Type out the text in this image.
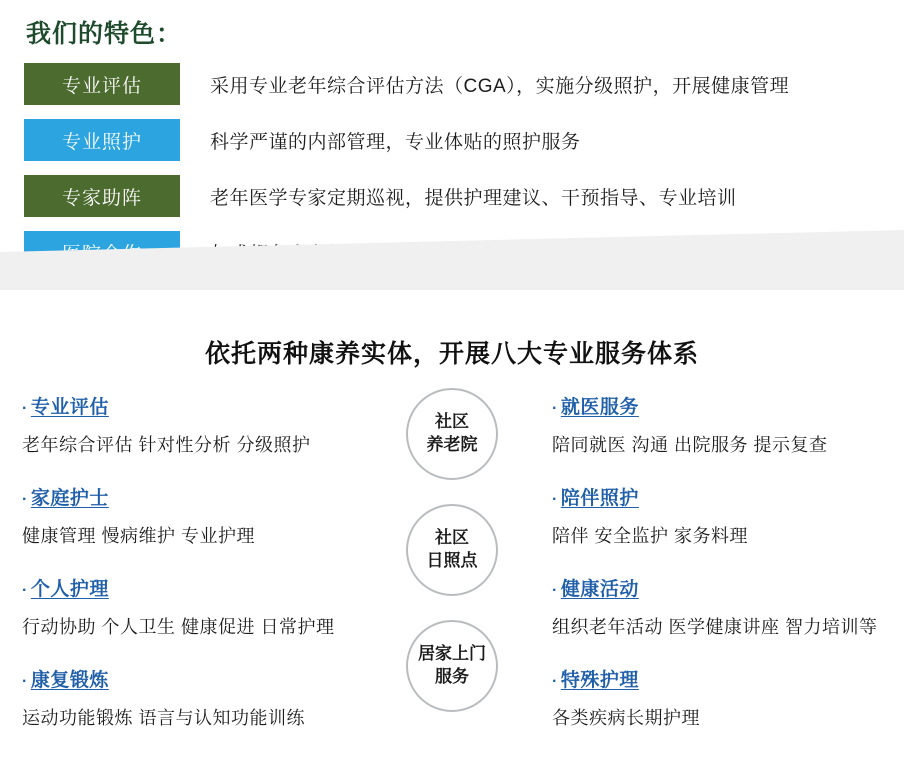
我们的特色：
专业评估	采用专业老年综合评估方法（CGA），实施分级照护，开展健康管理
专业照护	科学严谨的内部管理，专业体贴的照护服务
专家助阵	老年医学专家定期巡视，提供护理建议、干预指导、专业培训
依托两种康养实体，开展八大专业服务体系
· 专业评估
老年综合评估 针对性分析 分级照护
· 家庭护士
健康管理 慢病维护 专业护理
· 个人护理
行动协助 个人卫生 健康促进 日常护理
· 康复锻炼
运动功能锻炼 语言与认知功能训练
社区
养老院
社区
日照点
居家上门
服务
· 就医服务
陪同就医 沟通 出院服务 提示复查
· 陪伴照护
陪伴 安全监护 家务料理
· 健康活动
组织老年活动 医学健康讲座 智力培训等
· 特殊护理
各类疾病长期护理
